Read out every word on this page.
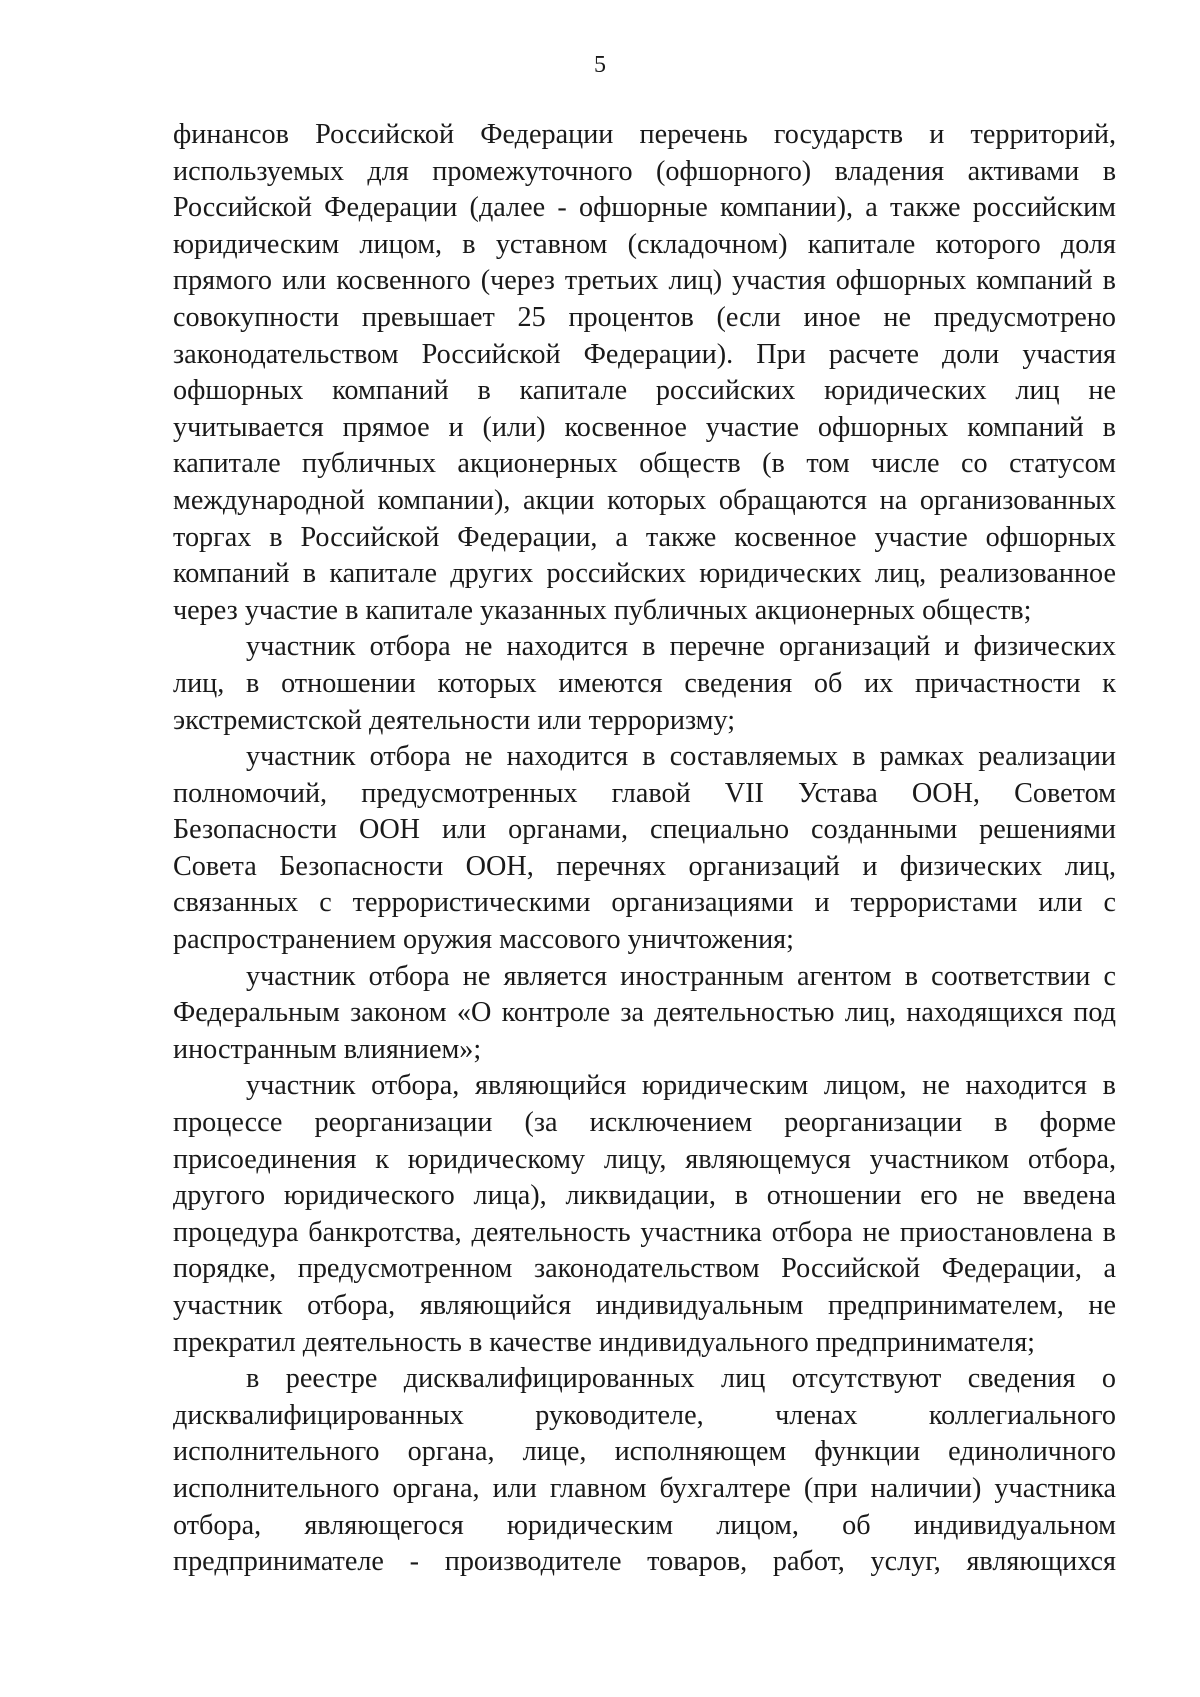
5

финансов Российской Федерации перечень государств и территорий, используемых для промежуточного (офшорного) владения активами в Российской Федерации (далее - офшорные компании), а также российским юридическим лицом, в уставном (складочном) капитале которого доля прямого или косвенного (через третьих лиц) участия офшорных компаний в совокупности превышает 25 процентов (если иное не предусмотрено законодательством Российской Федерации). При расчете доли участия офшорных компаний в капитале российских юридических лиц не учитывается прямое и (или) косвенное участие офшорных компаний в капитале публичных акционерных обществ (в том числе со статусом международной компании), акции которых обращаются на организованных торгах в Российской Федерации, а также косвенное участие офшорных компаний в капитале других российских юридических лиц, реализованное через участие в капитале указанных публичных акционерных обществ;

участник отбора не находится в перечне организаций и физических лиц, в отношении которых имеются сведения об их причастности к экстремистской деятельности или терроризму;

участник отбора не находится в составляемых в рамках реализации полномочий, предусмотренных главой VII Устава ООН, Советом Безопасности ООН или органами, специально созданными решениями Совета Безопасности ООН, перечнях организаций и физических лиц, связанных с террористическими организациями и террористами или с распространением оружия массового уничтожения;

участник отбора не является иностранным агентом в соответствии с Федеральным законом «О контроле за деятельностью лиц, находящихся под иностранным влиянием»;

участник отбора, являющийся юридическим лицом, не находится в процессе реорганизации (за исключением реорганизации в форме присоединения к юридическому лицу, являющемуся участником отбора, другого юридического лица), ликвидации, в отношении его не введена процедура банкротства, деятельность участника отбора не приостановлена в порядке, предусмотренном законодательством Российской Федерации, а участник отбора, являющийся индивидуальным предпринимателем, не прекратил деятельность в качестве индивидуального предпринимателя;

в реестре дисквалифицированных лиц отсутствуют сведения о дисквалифицированных руководителе, членах коллегиального исполнительного органа, лице, исполняющем функции единоличного исполнительного органа, или главном бухгалтере (при наличии) участника отбора, являющегося юридическим лицом, об индивидуальном предпринимателе - производителе товаров, работ, услуг, являющихся
